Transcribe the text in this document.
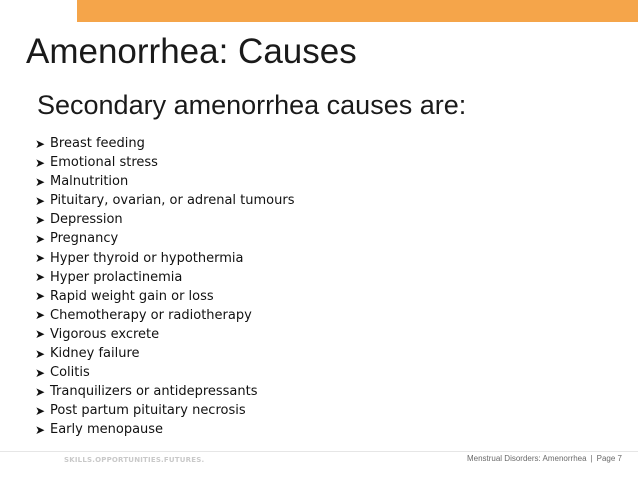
Amenorrhea: Causes
Secondary amenorrhea causes are:
➤ Breast feeding
➤ Emotional stress
➤ Malnutrition
➤ Pituitary, ovarian, or adrenal tumours
➤ Depression
➤ Pregnancy
➤ Hyper thyroid or hypothermia
➤ Hyper prolactinemia
➤ Rapid weight gain or loss
➤ Chemotherapy or radiotherapy
➤ Vigorous excrete
➤ Kidney failure
➤ Colitis
➤ Tranquilizers or antidepressants
➤ Post partum pituitary necrosis
➤ Early menopause
SKILLS.OPPORTUNITIES.FUTURES.	Menstrual Disorders: Amenorrhea | Page 7
